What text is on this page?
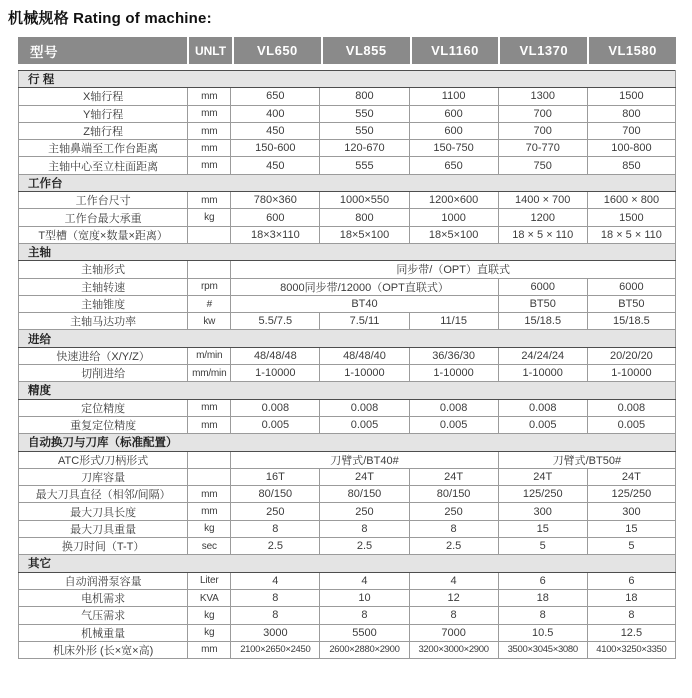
机械规格 Rating of machine:
型号	UNLT	VL650	VL855	VL1160	VL1370	VL1580
行 程						
X轴行程	mm	650	800	1100	1300	1500
Y轴行程	mm	400	550	600	700	800
Z轴行程	mm	450	550	600	700	700
主轴鼻端至工作台距离	mm	150-600	120-670	150-750	70-770	100-800
主轴中心至立柱面距离	mm	450	555	650	750	850
工作台						
工作台尺寸	mm	780×360	1000×550	1200×600	1400 × 700	1600 × 800
工作台最大承重	kg	600	800	1000	1200	1500
T型槽（宽度×数量×距离）		18×3×110	18×5×100	18×5×100	18 × 5 × 110	18 × 5 × 110
主轴						
主轴形式		同步带/（OPT）直联式				
主轴转速	rpm	8000同步带/12000（OPT直联式）			6000	6000
主轴锥度	#	BT40			BT50	BT50
主轴马达功率	kw	5.5/7.5	7.5/11	11/15	15/18.5	15/18.5
进给						
快速进给（X/Y/Z）	m/min	48/48/48	48/48/40	36/36/30	24/24/24	20/20/20
切削进给	mm/min	1-10000	1-10000	1-10000	1-10000	1-10000
精度						
定位精度	mm	0.008	0.008	0.008	0.008	0.008
重复定位精度	mm	0.005	0.005	0.005	0.005	0.005
自动换刀与刀库（标准配置）						
ATC形式/刀柄形式		刀臂式/BT40#			刀臂式/BT50#	
刀库容量		16T	24T	24T	24T	24T
最大刀具直径（相邻/间隔）	mm	80/150	80/150	80/150	125/250	125/250
最大刀具长度	mm	250	250	250	300	300
最大刀具重量	kg	8	8	8	15	15
换刀时间（T-T）	sec	2.5	2.5	2.5	5	5
其它						
自动润滑泵容量	Liter	4	4	4	6	6
电机需求	KVA	8	10	12	18	18
气压需求	kg	8	8	8	8	8
机械重量	kg	3000	5500	7000	10.5	12.5
机床外形 (长×宽×高)	mm	2100×2650×2450	2600×2880×2900	3200×3000×2900	3500×3045×3080	4100×3250×3350
